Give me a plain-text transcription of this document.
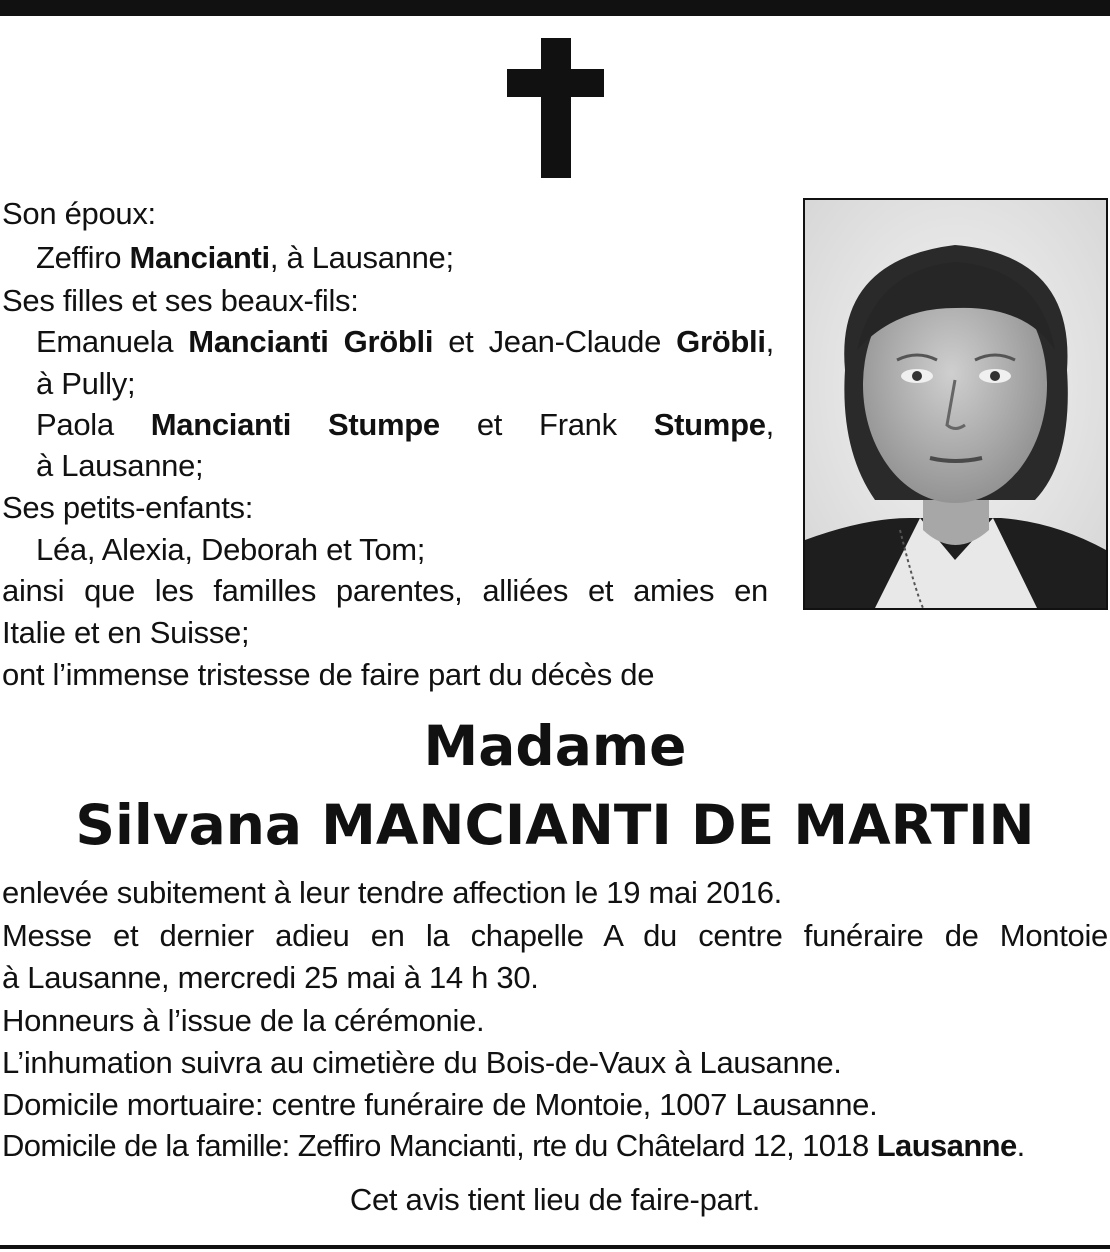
Son époux:
Zeffiro Mancianti, à Lausanne;
Ses filles et ses beaux-fils:
Emanuela Mancianti Gröbli et Jean-Claude Gröbli,
à Pully;
Paola Mancianti Stumpe et Frank Stumpe,
à Lausanne;
Ses petits-enfants:
Léa, Alexia, Deborah et Tom;
ainsi que les familles parentes, alliées et amies en
Italie et en Suisse;
ont l’immense tristesse de faire part du décès de
Madame
Silvana MANCIANTI DE MARTIN
enlevée subitement à leur tendre affection le 19 mai 2016.
Messe et dernier adieu en la chapelle A du centre funéraire de Montoie
à Lausanne, mercredi 25 mai à 14 h 30.
Honneurs à l’issue de la cérémonie.
L’inhumation suivra au cimetière du Bois-de-Vaux à Lausanne.
Domicile mortuaire: centre funéraire de Montoie, 1007 Lausanne.
Domicile de la famille: Zeffiro Mancianti, rte du Châtelard 12, 1018 Lausanne.
Cet avis tient lieu de faire-part.
